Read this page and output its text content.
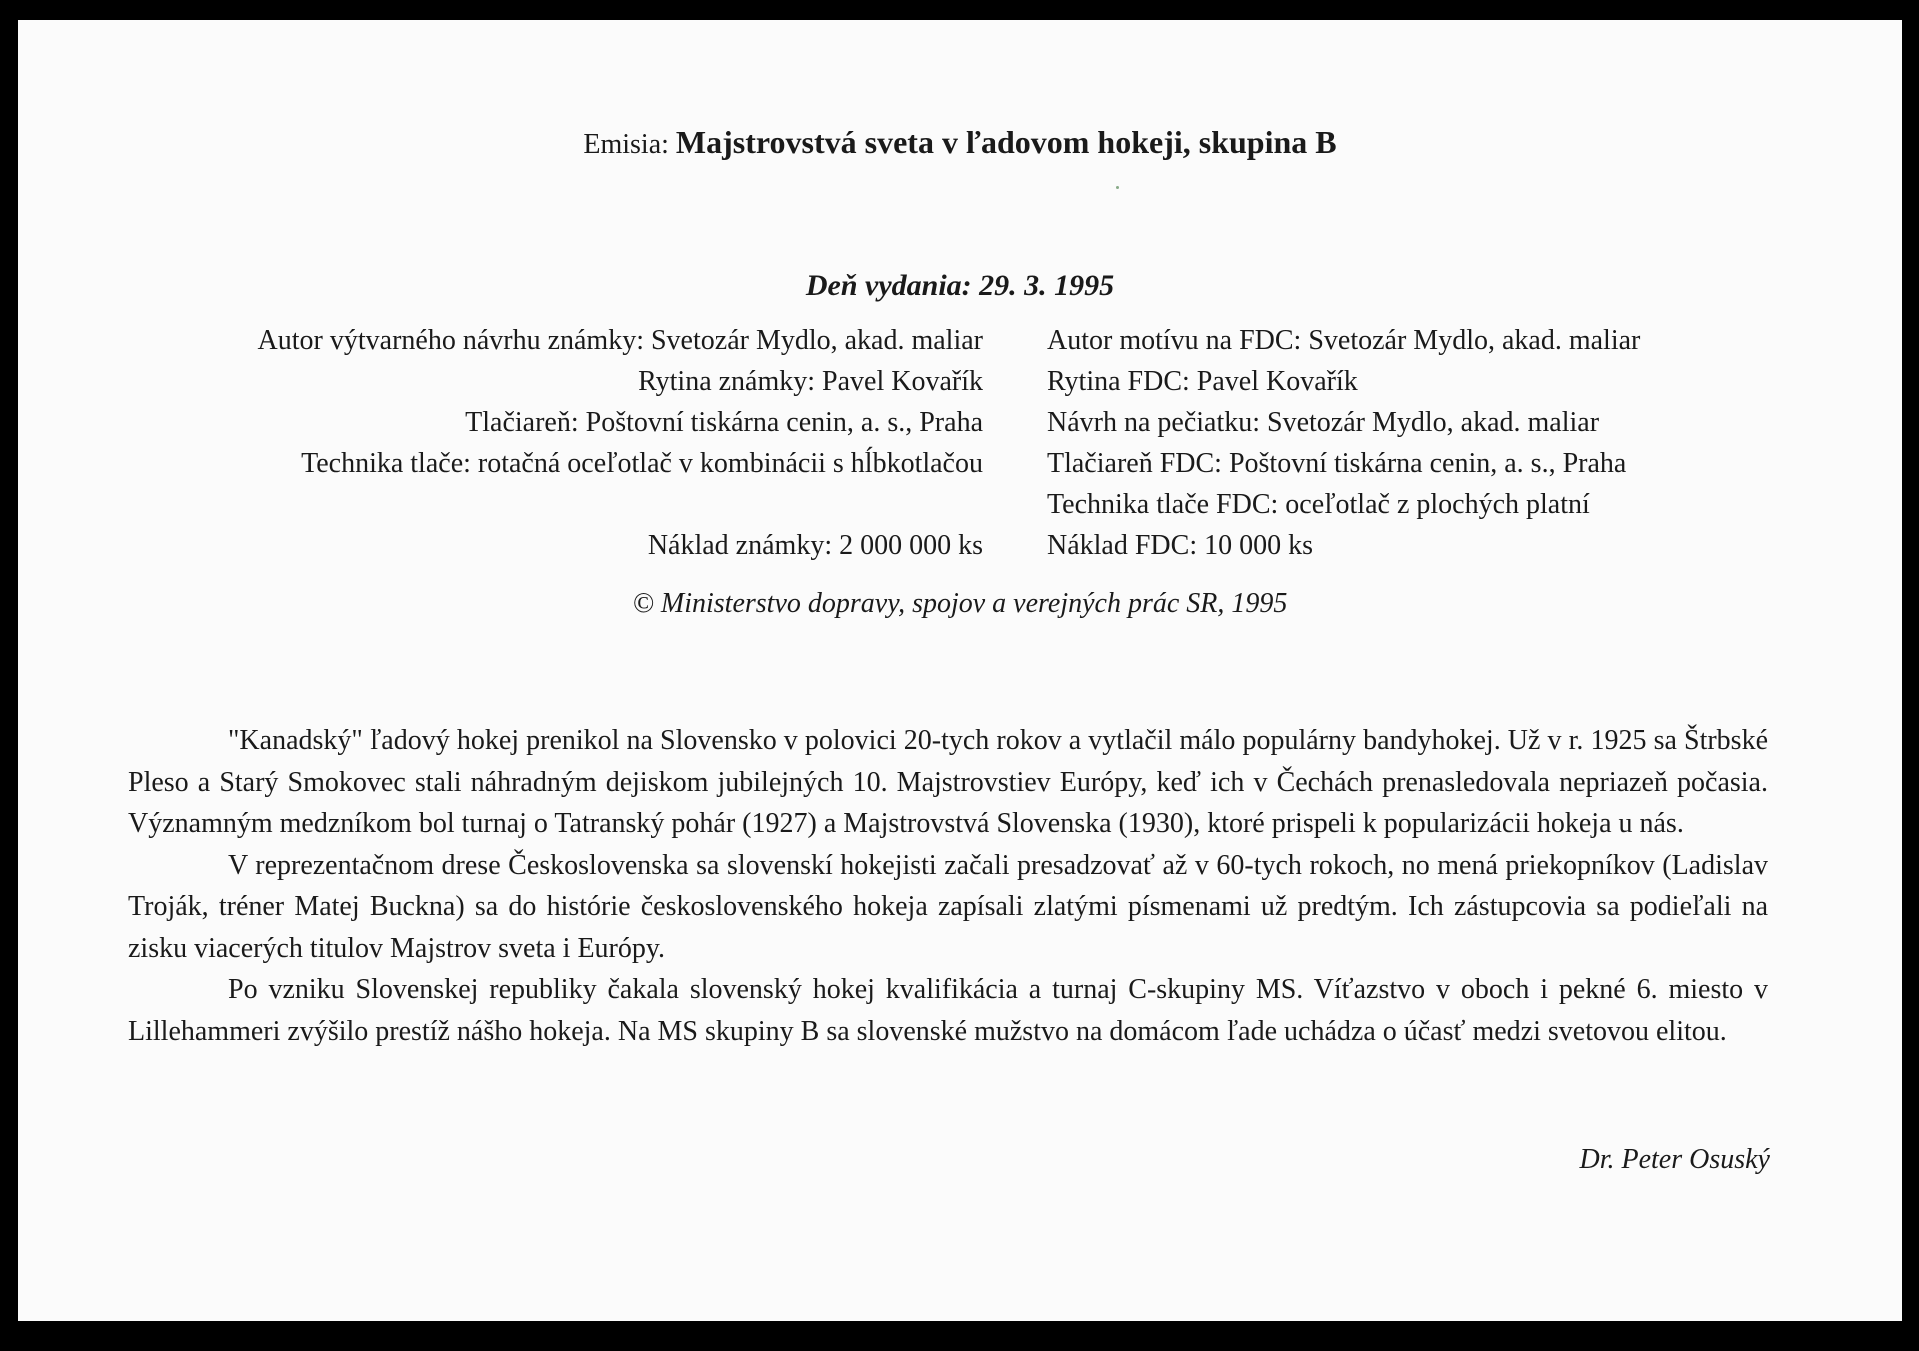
Emisia: Majstrovstvá sveta v ľadovom hokeji, skupina B
Deň vydania: 29. 3. 1995
Autor výtvarného návrhu známky: Svetozár Mydlo, akad. maliar
Rytina známky: Pavel Kovařík
Tlačiareň: Poštovní tiskárna cenin, a. s., Praha
Technika tlače: rotačná oceľotlač v kombinácii s hĺbkotlačou
Náklad známky: 2 000 000 ks
Autor motívu na FDC: Svetozár Mydlo, akad. maliar
Rytina FDC: Pavel Kovařík
Návrh na pečiatku: Svetozár Mydlo, akad. maliar
Tlačiareň FDC: Poštovní tiskárna cenin, a. s., Praha
Technika tlače FDC: oceľotlač z plochých platní
Náklad FDC: 10 000 ks
© Ministerstvo dopravy, spojov a verejných prác SR, 1995

"Kanadský" ľadový hokej prenikol na Slovensko v polovici 20-tych rokov a vytlačil málo populárny bandyhokej. Už v r. 1925 sa Štrbské Pleso a Starý Smokovec stali náhradným dejiskom jubilejných 10. Majstrovstiev Európy, keď ich v Čechách prenasledovala nepriazeň počasia. Významným medzníkom bol turnaj o Tatranský pohár (1927) a Majstrovstvá Slovenska (1930), ktoré prispeli k popularizácii hokeja u nás.

V reprezentačnom drese Československa sa slovenskí hokejisti začali presadzovať až v 60-tych rokoch, no mená priekopníkov (Ladislav Troják, tréner Matej Buckna) sa do histórie československého hokeja zapísali zlatými písmenami už predtým. Ich zástupcovia sa podieľali na zisku viacerých titulov Majstrov sveta i Európy.

Po vzniku Slovenskej republiky čakala slovenský hokej kvalifikácia a turnaj C-skupiny MS. Víťazstvo v oboch i pekné 6. miesto v Lillehammeri zvýšilo prestíž nášho hokeja. Na MS skupiny B sa slovenské mužstvo na domácom ľade uchádza o účasť medzi svetovou elitou.

Dr. Peter Osuský
